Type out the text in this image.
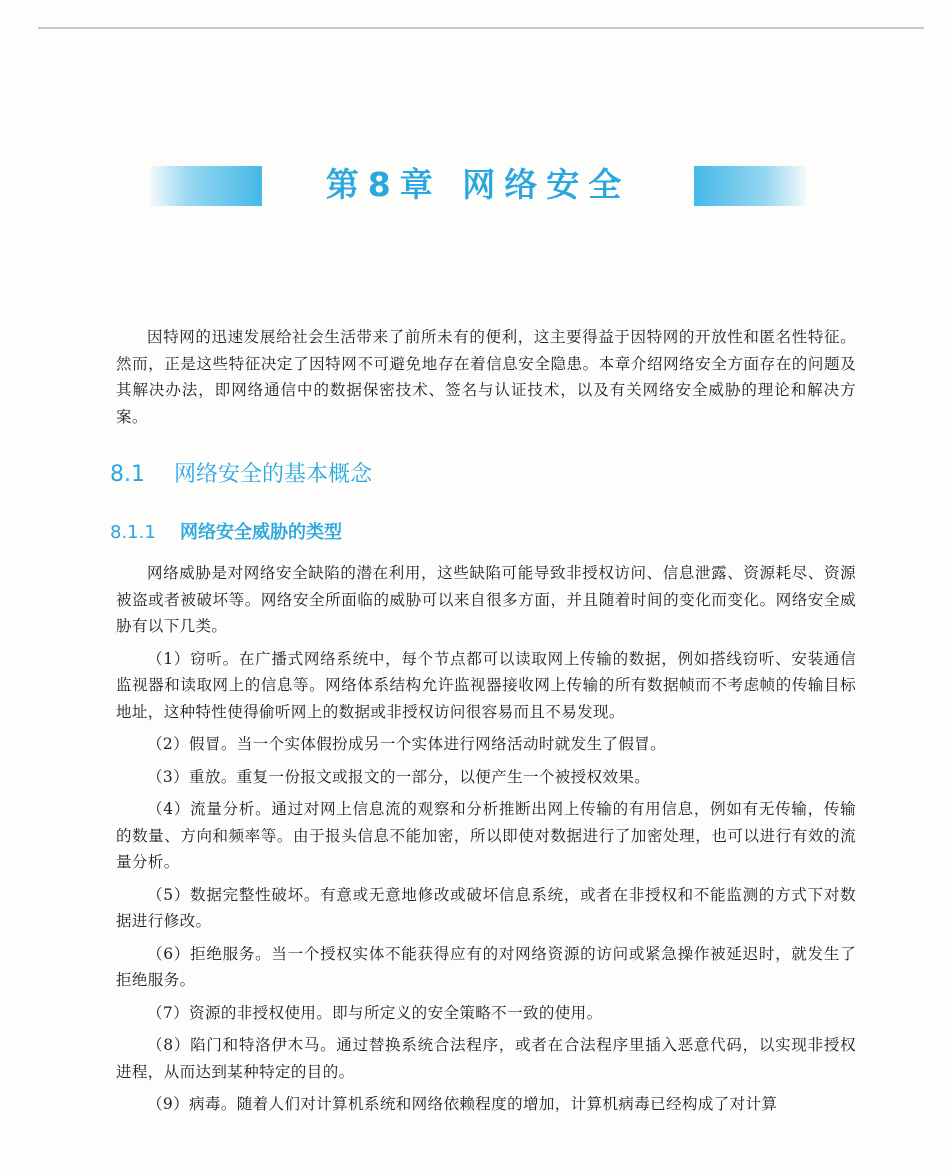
第8章 网络安全

因特网的迅速发展给社会生活带来了前所未有的便利，这主要得益于因特网的开放性和匿名性特征。然而，正是这些特征决定了因特网不可避免地存在着信息安全隐患。本章介绍网络安全方面存在的问题及其解决办法，即网络通信中的数据保密技术、签名与认证技术，以及有关网络安全威胁的理论和解决方案。

8.1 网络安全的基本概念
8.1.1 网络安全威胁的类型

网络威胁是对网络安全缺陷的潜在利用，这些缺陷可能导致非授权访问、信息泄露、资源耗尽、资源被盗或者被破坏等。网络安全所面临的威胁可以来自很多方面，并且随着时间的变化而变化。网络安全威胁有以下几类。

（1）窃听。在广播式网络系统中，每个节点都可以读取网上传输的数据，例如搭线窃听、安装通信监视器和读取网上的信息等。网络体系结构允许监视器接收网上传输的所有数据帧而不考虑帧的传输目标地址，这种特性使得偷听网上的数据或非授权访问很容易而且不易发现。

（2）假冒。当一个实体假扮成另一个实体进行网络活动时就发生了假冒。

（3）重放。重复一份报文或报文的一部分，以便产生一个被授权效果。

（4）流量分析。通过对网上信息流的观察和分析推断出网上传输的有用信息，例如有无传输，传输的数量、方向和频率等。由于报头信息不能加密，所以即使对数据进行了加密处理，也可以进行有效的流量分析。

（5）数据完整性破坏。有意或无意地修改或破坏信息系统，或者在非授权和不能监测的方式下对数据进行修改。

（6）拒绝服务。当一个授权实体不能获得应有的对网络资源的访问或紧急操作被延迟时，就发生了拒绝服务。

（7）资源的非授权使用。即与所定义的安全策略不一致的使用。

（8）陷门和特洛伊木马。通过替换系统合法程序，或者在合法程序里插入恶意代码，以实现非授权进程，从而达到某种特定的目的。

（9）病毒。随着人们对计算机系统和网络依赖程度的增加，计算机病毒已经构成了对计算
